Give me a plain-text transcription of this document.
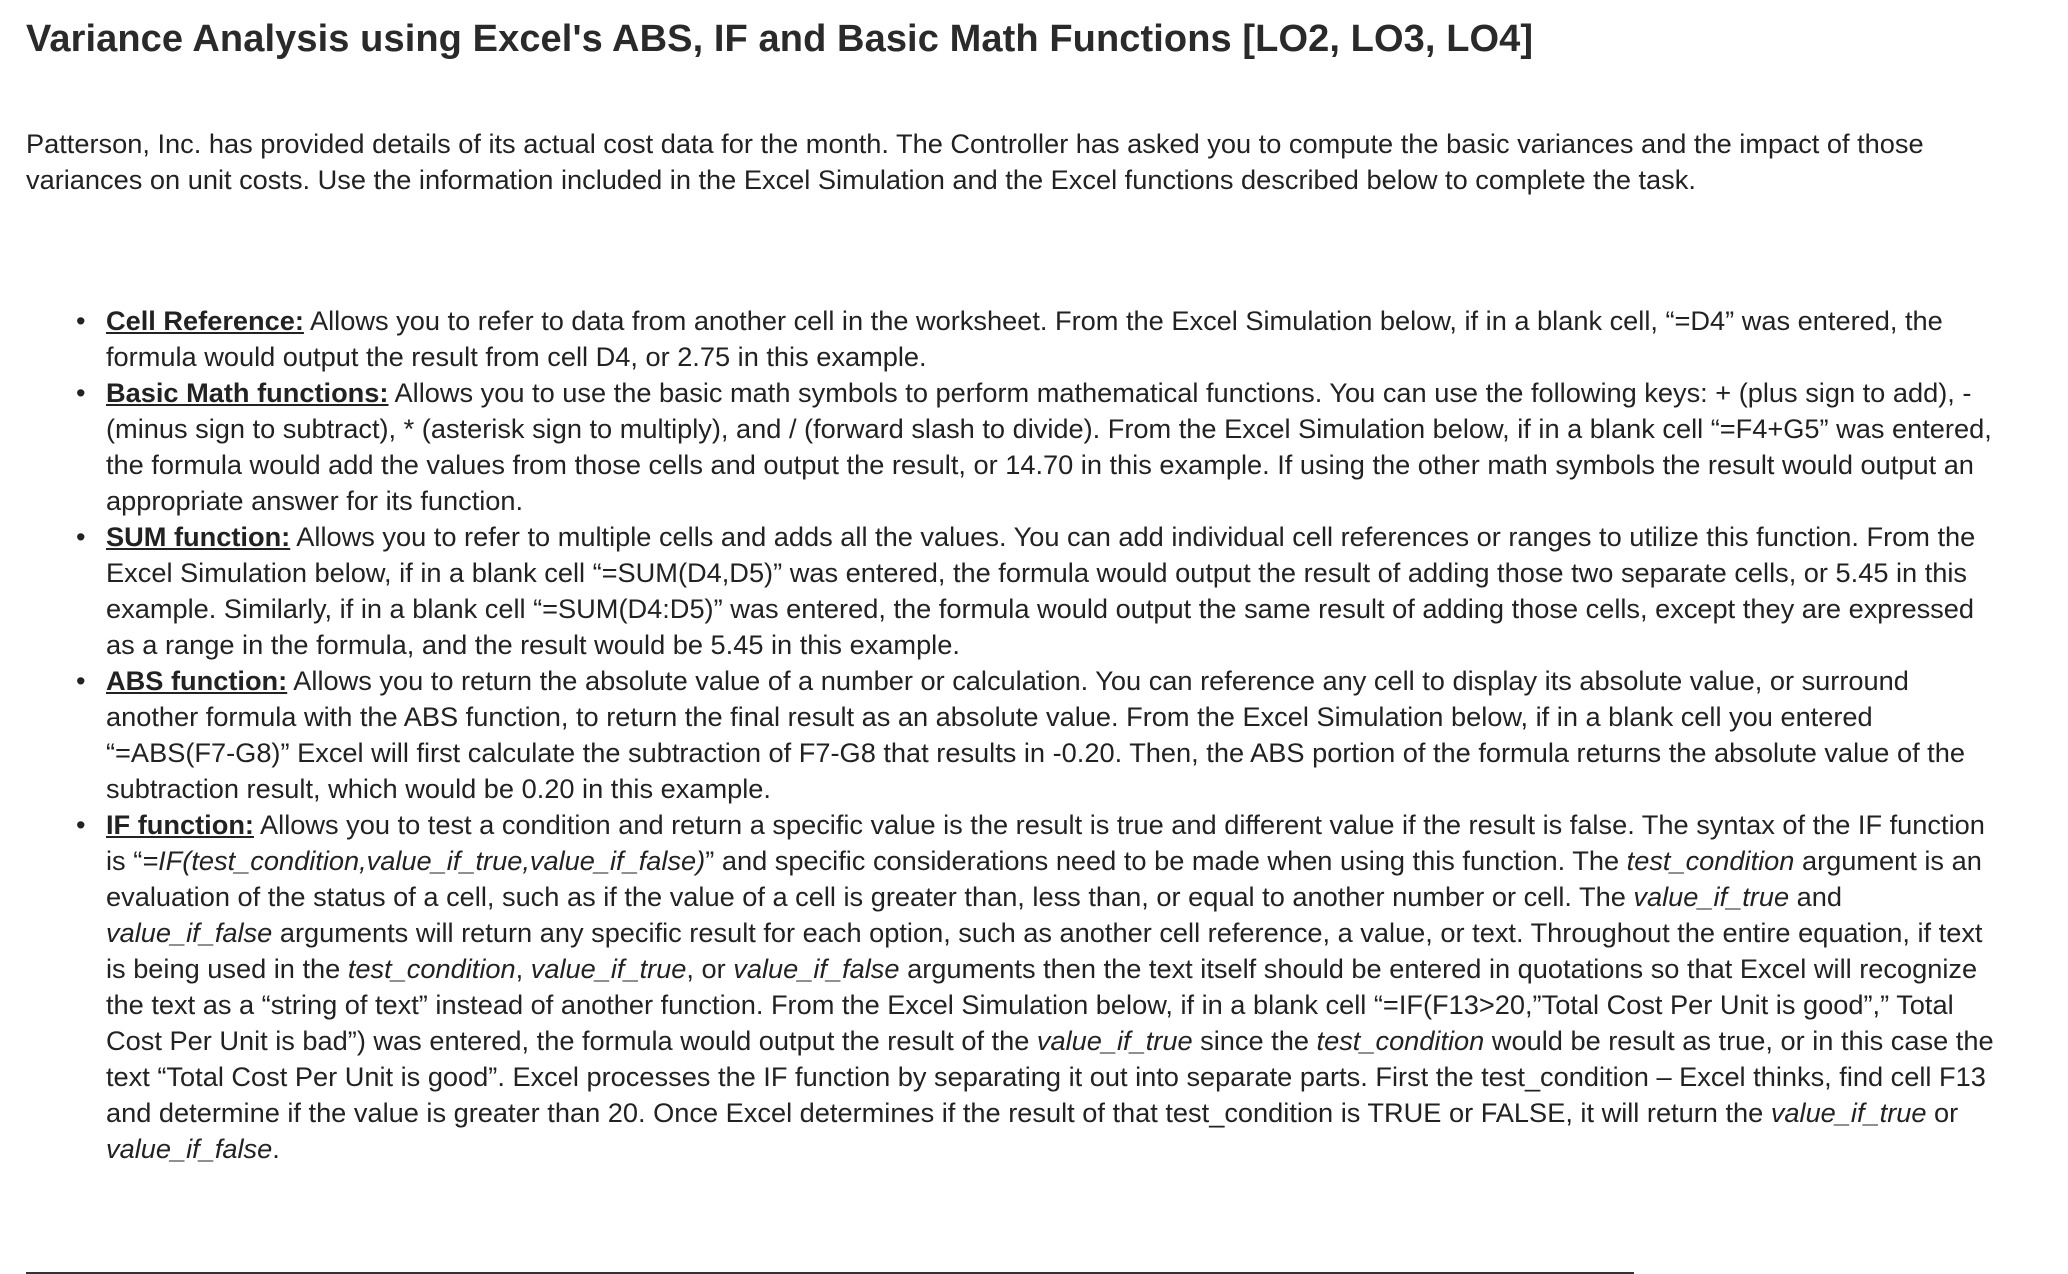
Variance Analysis using Excel's ABS, IF and Basic Math Functions [LO2, LO3, LO4]

Patterson, Inc. has provided details of its actual cost data for the month. The Controller has asked you to compute the basic variances and the impact of those variances on unit costs. Use the information included in the Excel Simulation and the Excel functions described below to complete the task.

• Cell Reference: Allows you to refer to data from another cell in the worksheet. From the Excel Simulation below, if in a blank cell, “=D4” was entered, the formula would output the result from cell D4, or 2.75 in this example.
• Basic Math functions: Allows you to use the basic math symbols to perform mathematical functions. You can use the following keys: + (plus sign to add), - (minus sign to subtract), * (asterisk sign to multiply), and / (forward slash to divide). From the Excel Simulation below, if in a blank cell “=F4+G5” was entered, the formula would add the values from those cells and output the result, or 14.70 in this example. If using the other math symbols the result would output an appropriate answer for its function.
• SUM function: Allows you to refer to multiple cells and adds all the values. You can add individual cell references or ranges to utilize this function. From the Excel Simulation below, if in a blank cell “=SUM(D4,D5)” was entered, the formula would output the result of adding those two separate cells, or 5.45 in this example. Similarly, if in a blank cell “=SUM(D4:D5)” was entered, the formula would output the same result of adding those cells, except they are expressed as a range in the formula, and the result would be 5.45 in this example.
• ABS function: Allows you to return the absolute value of a number or calculation. You can reference any cell to display its absolute value, or surround another formula with the ABS function, to return the final result as an absolute value. From the Excel Simulation below, if in a blank cell you entered “=ABS(F7-G8)” Excel will first calculate the subtraction of F7-G8 that results in -0.20. Then, the ABS portion of the formula returns the absolute value of the subtraction result, which would be 0.20 in this example.
• IF function: Allows you to test a condition and return a specific value is the result is true and different value if the result is false. The syntax of the IF function is “=IF(test_condition,value_if_true,value_if_false)” and specific considerations need to be made when using this function. The test_condition argument is an evaluation of the status of a cell, such as if the value of a cell is greater than, less than, or equal to another number or cell. The value_if_true and value_if_false arguments will return any specific result for each option, such as another cell reference, a value, or text. Throughout the entire equation, if text is being used in the test_condition, value_if_true, or value_if_false arguments then the text itself should be entered in quotations so that Excel will recognize the text as a “string of text” instead of another function. From the Excel Simulation below, if in a blank cell “=IF(F13>20,”Total Cost Per Unit is good”,” Total Cost Per Unit is bad”) was entered, the formula would output the result of the value_if_true since the test_condition would be result as true, or in this case the text “Total Cost Per Unit is good”. Excel processes the IF function by separating it out into separate parts. First the test_condition – Excel thinks, find cell F13 and determine if the value is greater than 20. Once Excel determines if the result of that test_condition is TRUE or FALSE, it will return the value_if_true or value_if_false.
